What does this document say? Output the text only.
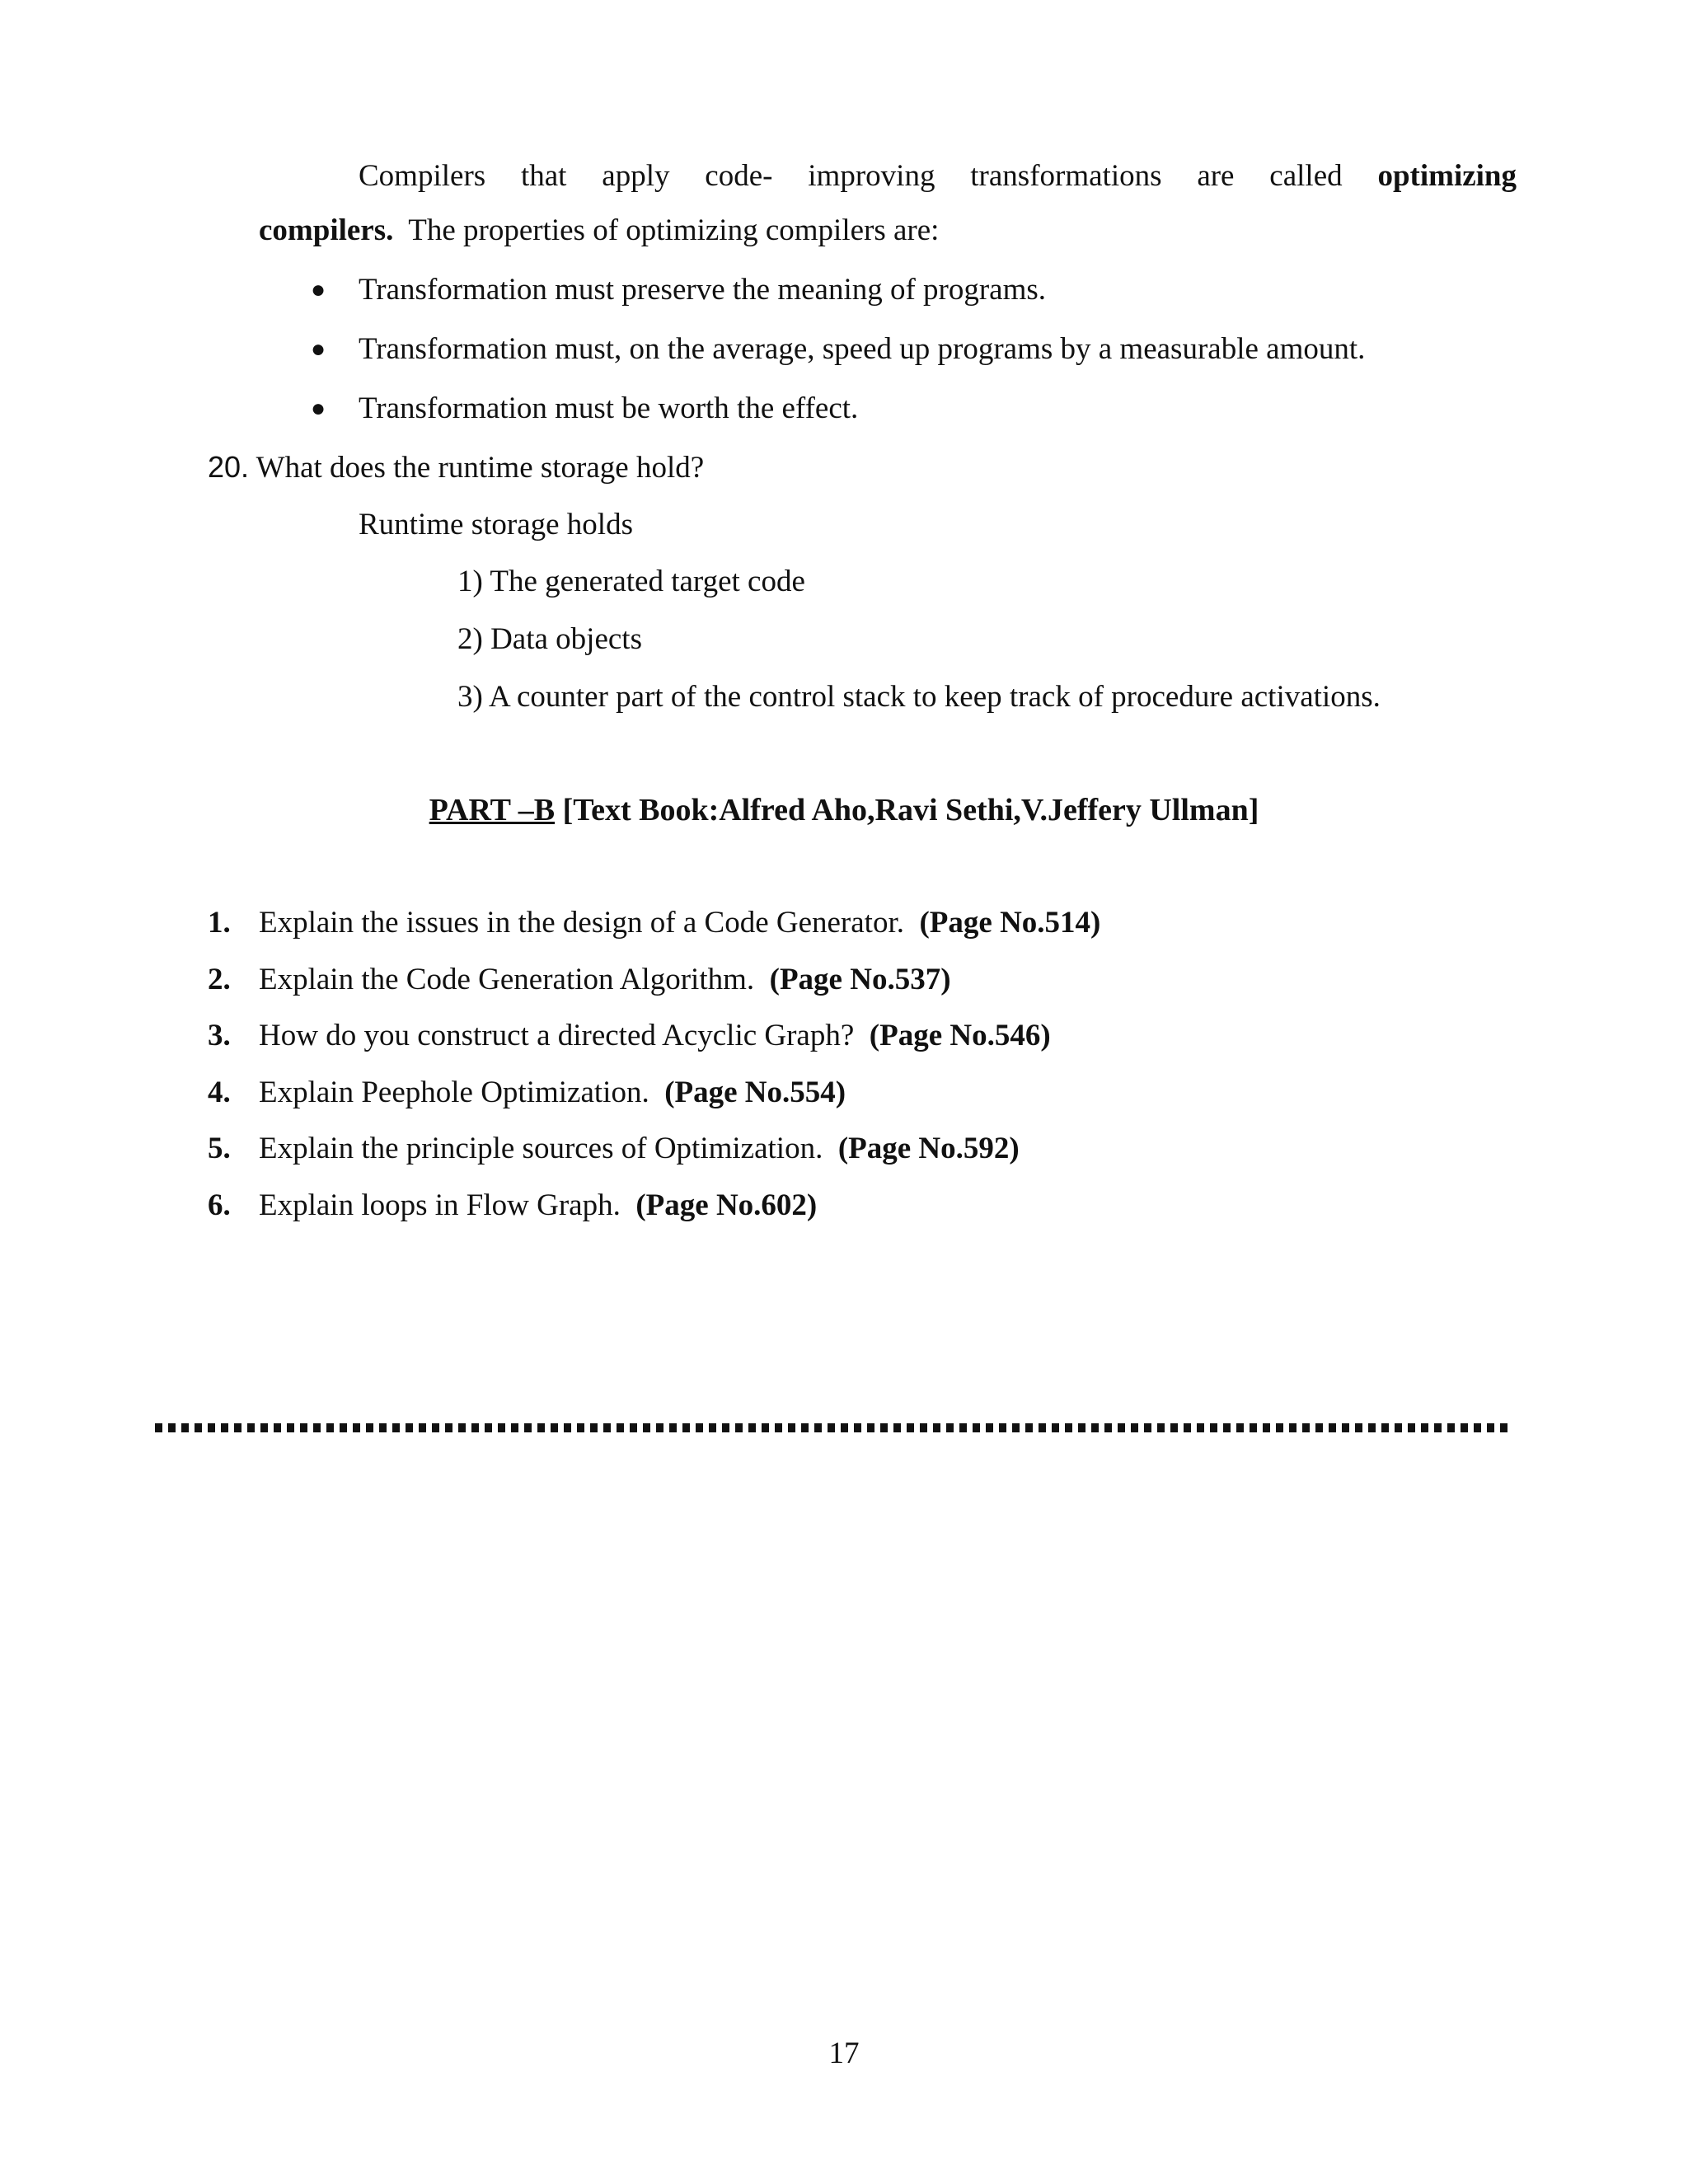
Compilers that apply code- improving transformations are called optimizing
compilers. The properties of optimizing compilers are:
● Transformation must preserve the meaning of programs.
● Transformation must, on the average, speed up programs by a measurable amount.
● Transformation must be worth the effect.
20. What does the runtime storage hold?
Runtime storage holds
1) The generated target code
2) Data objects
3) A counter part of the control stack to keep track of procedure activations.
PART –B [Text Book:Alfred Aho,Ravi Sethi,V.Jeffery Ullman]
1. Explain the issues in the design of a Code Generator. (Page No.514)
2. Explain the Code Generation Algorithm. (Page No.537)
3. How do you construct a directed Acyclic Graph? (Page No.546)
4. Explain Peephole Optimization. (Page No.554)
5. Explain the principle sources of Optimization. (Page No.592)
6. Explain loops in Flow Graph. (Page No.602)
17
